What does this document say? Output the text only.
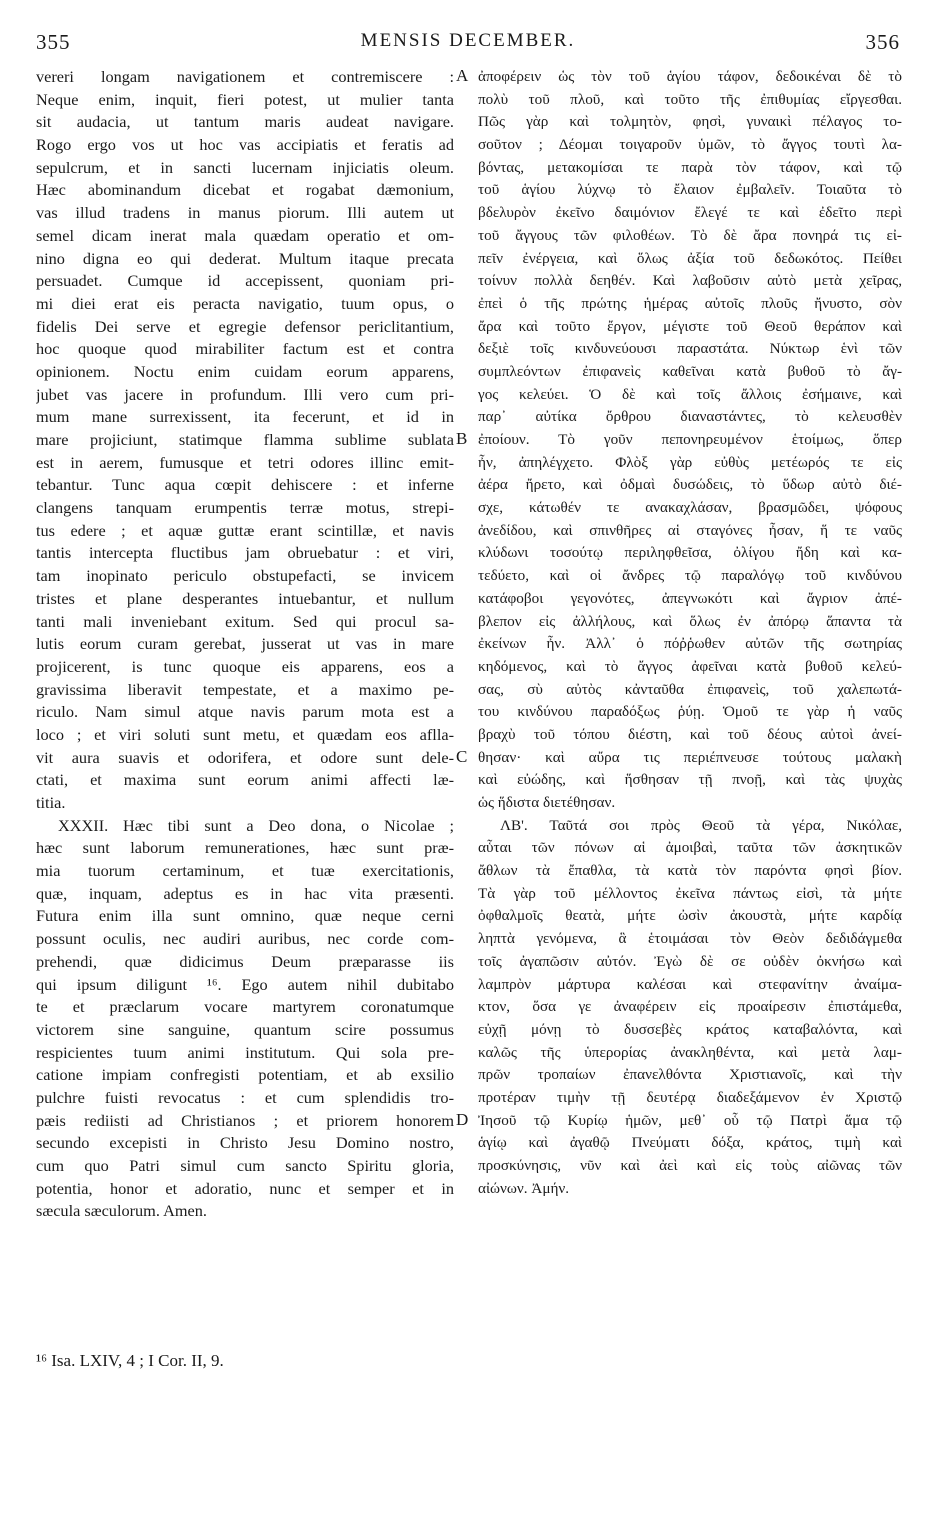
355	MENSIS DECEMBER.	356
vereri longam navigationem et contremiscere :
Neque enim, inquit, fieri potest, ut mulier tanta
sit audacia, ut tantum maris audeat navigare.
Rogo ergo vos ut hoc vas accipiatis et feratis ad
sepulcrum, et in sancti lucernam injiciatis oleum.
Hæc abominandum dicebat et rogabat dæmonium,
vas illud tradens in manus piorum. Illi autem ut
semel dicam inerat mala quædam operatio et om-
nino digna eo qui dederat. Multum itaque precata
persuadet. Cumque id accepissent, quoniam pri-
mi diei erat eis peracta navigatio, tuum opus, o
fidelis Dei serve et egregie defensor periclitantium,
hoc quoque quod mirabiliter factum est et contra
opinionem. Noctu enim cuidam eorum apparens,
jubet vas jacere in profundum. Illi vero cum pri-
mum mane surrexissent, ita fecerunt, et id in
mare projiciunt, statimque flamma sublime sublata
est in aerem, fumusque et tetri odores illinc emit-
tebantur. Tunc aqua cœpit dehiscere : et inferne
clangens tanquam erumpentis terræ motus, strepi-
tus edere ; et aquæ guttæ erant scintillæ, et navis
tantis intercepta fluctibus jam obruebatur : et viri,
tam inopinato periculo obstupefacti, se invicem
tristes et plane desperantes intuebantur, et nullum
tanti mali inveniebant exitum. Sed qui procul sa-
lutis eorum curam gerebat, jusserat ut vas in mare
projicerent, is tunc quoque eis apparens, eos a
gravissima liberavit tempestate, et a maximo pe-
riculo. Nam simul atque navis parum mota est a
loco ; et viri soluti sunt metu, et quædam eos aflla-
vit aura suavis et odorifera, et odore sunt dele-
ctati, et maxima sunt eorum animi affecti læ-
titia.
XXXII. Hæc tibi sunt a Deo dona, o Nicolae ;
hæc sunt laborum remunerationes, hæc sunt præ-
mia tuorum certaminum, et tuæ exercitationis,
quæ, inquam, adeptus es in hac vita præsenti.
Futura enim illa sunt omnino, quæ neque cerni
possunt oculis, nec audiri auribus, nec corde com-
prehendi, quæ didicimus Deum præparasse iis
qui ipsum diligunt ¹⁶. Ego autem nihil dubitabo
te et præclarum vocare martyrem coronatumque
victorem sine sanguine, quantum scire possumus
respicientes tuum animi institutum. Qui sola pre-
catione impiam confregisti potentiam, et ab exsilio
pulchre fuisti revocatus : et cum splendidis tro-
pæis rediisti ad Christianos ; et priorem honorem
secundo excepisti in Christo Jesu Domino nostro,
cum quo Patri simul cum sancto Spiritu gloria,
potentia, honor et adoratio, nunc et semper et in
sæcula sæculorum. Amen.
ἀποφέρειν ὡς τὸν τοῦ ἁγίου τάφον, δεδοικέναι δὲ τὸ
πολὺ τοῦ πλοῦ, καὶ τοῦτο τῆς ἐπιθυμίας εἴργεσθαι.
Πῶς γὰρ καὶ τολμητὸν, φησὶ, γυναικὶ πέλαγος το-
σοῦτον ; Δέομαι τοιγαροῦν ὑμῶν, τὸ ἄγγος τουτὶ λα-
βόντας, μετακομίσαι τε παρὰ τὸν τάφον, καὶ τῷ
τοῦ ἁγίου λύχνῳ τὸ ἔλαιον ἐμβαλεῖν. Τοιαῦτα τὸ
βδελυρὸν ἐκεῖνο δαιμόνιον ἔλεγέ τε καὶ ἐδεῖτο περὶ
τοῦ ἄγγους τῶν φιλοθέων. Τὸ δὲ ἄρα πονηρά τις εἰ-
πεῖν ἐνέργεια, καὶ ὅλως ἀξία τοῦ δεδωκότος. Πείθει
τοίνυν πολλὰ δεηθέν. Καὶ λαβοῦσιν αὐτὸ μετὰ χεῖρας,
ἐπεὶ ὁ τῆς πρώτης ἡμέρας αὐτοῖς πλοῦς ἤνυστο, σὸν
ἄρα καὶ τοῦτο ἔργον, μέγιστε τοῦ Θεοῦ θεράπον καὶ
δεξιὲ τοῖς κινδυνεύουσι παραστάτα. Νύκτωρ ἑνὶ τῶν
συμπλεόντων ἐπιφανεὶς καθεῖναι κατὰ βυθοῦ τὸ ἄγ-
γος κελεύει. Ὁ δὲ καὶ τοῖς ἄλλοις ἐσήμαινε, καὶ
παρ᾽ αὐτίκα ὄρθρου διαναστάντες, τὸ κελευσθὲν
ἐποίουν. Τὸ γοῦν πεπονηρευμένον ἑτοίμως, ὅπερ
ἦν, ἀπηλέγχετο. Φλὸξ γὰρ εὐθὺς μετέωρός τε εἰς
ἀέρα ἤρετο, καὶ ὀδμαὶ δυσώδεις, τὸ ὕδωρ αὐτὸ διέ-
σχε, κάτωθέν τε ανακαχλάσαν, βρασμῶδει, ψόφους
ἀνεδίδου, καὶ σπινθῆρες αἱ σταγόνες ἦσαν, ἥ τε ναῦς
κλύδωνι τοσούτῳ περιληφθεῖσα, ὀλίγου ἤδη καὶ κα-
τεδύετο, καὶ οἱ ἄνδρες τῷ παραλόγῳ τοῦ κινδύνου
κατάφοβοι γεγονότες, ἀπεγνωκότι καὶ ἄγριον ἀπέ-
βλεπον εἰς ἀλλήλους, καὶ ὅλως ἐν ἀπόρῳ ἅπαντα τὰ
ἐκείνων ἦν. Ἀλλ᾽ ὁ πόῤῥωθεν αὐτῶν τῆς σωτηρίας
κηδόμενος, καὶ τὸ ἄγγος ἀφεῖναι κατὰ βυθοῦ κελεύ-
σας, σὺ αὐτὸς κἀνταῦθα ἐπιφανεὶς, τοῦ χαλεπωτά-
του κινδύνου παραδόξως ῥύῃ. Ὁμοῦ τε γὰρ ἡ ναῦς
βραχὺ τοῦ τόπου διέστη, καὶ τοῦ δέους αὐτοὶ ἀνεί-
θησαν· καὶ αὔρα τις περιέπνευσε τούτους μαλακὴ
καὶ εὐώδης, καὶ ἥσθησαν τῇ πνοῇ, καὶ τὰς ψυχὰς
ὡς ἥδιστα διετέθησαν.
ΛΒ'. Ταῦτά σοι πρὸς Θεοῦ τὰ γέρα, Νικόλαε,
αὗται τῶν πόνων αἱ ἀμοιβαὶ, ταῦτα τῶν ἀσκητικῶν
ἄθλων τὰ ἔπαθλα, τὰ κατὰ τὸν παρόντα φησὶ βίον.
Τὰ γὰρ τοῦ μέλλοντος ἐκεῖνα πάντως εἰσὶ, τὰ μήτε
ὀφθαλμοῖς θεατὰ, μήτε ὠσὶν ἀκουστὰ, μήτε καρδίᾳ
ληπτὰ γενόμενα, ἃ ἑτοιμάσαι τὸν Θεὸν δεδιδάγμεθα
τοῖς ἀγαπῶσιν αὐτόν. Ἐγὼ δὲ σε οὐδὲν ὀκνήσω καὶ
λαμπρὸν μάρτυρα καλέσαι καὶ στεφανίτην ἀναίμα-
κτον, ὅσα γε ἀναφέρειν εἰς προαίρεσιν ἐπιστάμεθα,
εὐχῇ μόνῃ τὸ δυσσεβὲς κράτος καταβαλόντα, καὶ
καλῶς τῆς ὑπερορίας ἀνακληθέντα, καὶ μετὰ λαμ-
πρῶν τροπαίων ἐπανελθόντα Χριστιανοῖς, καὶ τὴν
προτέραν τιμὴν τῇ δευτέρᾳ διαδεξάμενον ἐν Χριστῷ
Ἰησοῦ τῷ Κυρίῳ ἡμῶν, μεθ᾽ οὗ τῷ Πατρὶ ἅμα τῷ
ἁγίῳ καὶ ἀγαθῷ Πνεύματι δόξα, κράτος, τιμὴ καὶ
προσκύνησις, νῦν καὶ ἀεὶ καὶ εἰς τοὺς αἰῶνας τῶν
αἰώνων. Ἀμήν.
A
B
C
D
¹⁶ Isa. LXIV, 4 ; I Cor. II, 9.
